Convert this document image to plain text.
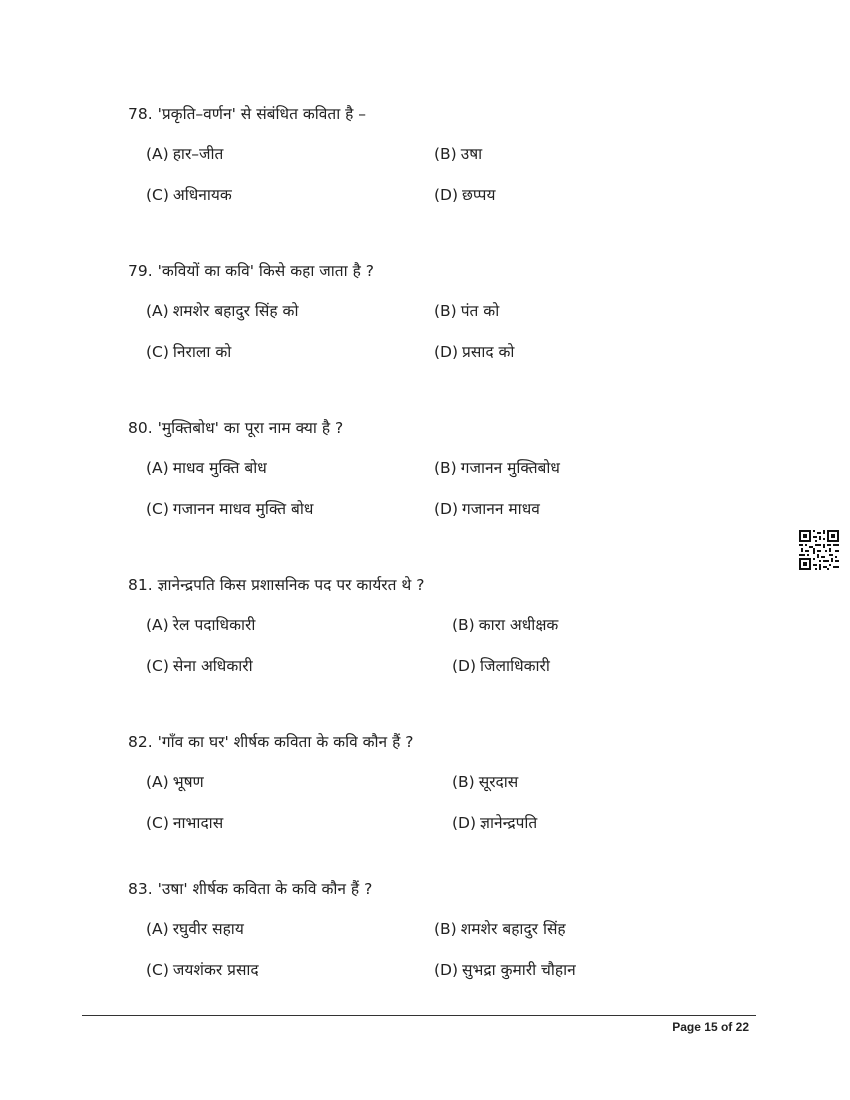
78. 'प्रकृति–वर्णन' से संबंधित कविता है –
(A) हार–जीत	(B) उषा
(C) अधिनायक	(D) छप्पय
79. 'कवियों का कवि' किसे कहा जाता है ?
(A) शमशेर बहादुर सिंह को	(B) पंत को
(C) निराला को	(D) प्रसाद को
80. 'मुक्तिबोध' का पूरा नाम क्या है ?
(A) माधव मुक्ति बोध	(B) गजानन मुक्तिबोध
(C) गजानन माधव मुक्ति बोध	(D) गजानन माधव
81. ज्ञानेन्द्रपति किस प्रशासनिक पद पर कार्यरत थे ?
(A) रेल पदाधिकारी	(B) कारा अधीक्षक
(C) सेना अधिकारी	(D) जिलाधिकारी
82. 'गाँव का घर' शीर्षक कविता के कवि कौन हैं ?
(A) भूषण	(B) सूरदास
(C) नाभादास	(D) ज्ञानेन्द्रपति
83. 'उषा' शीर्षक कविता के कवि कौन हैं ?
(A) रघुवीर सहाय	(B) शमशेर बहादुर सिंह
(C) जयशंकर प्रसाद	(D) सुभद्रा कुमारी चौहान
Page 15 of 22
